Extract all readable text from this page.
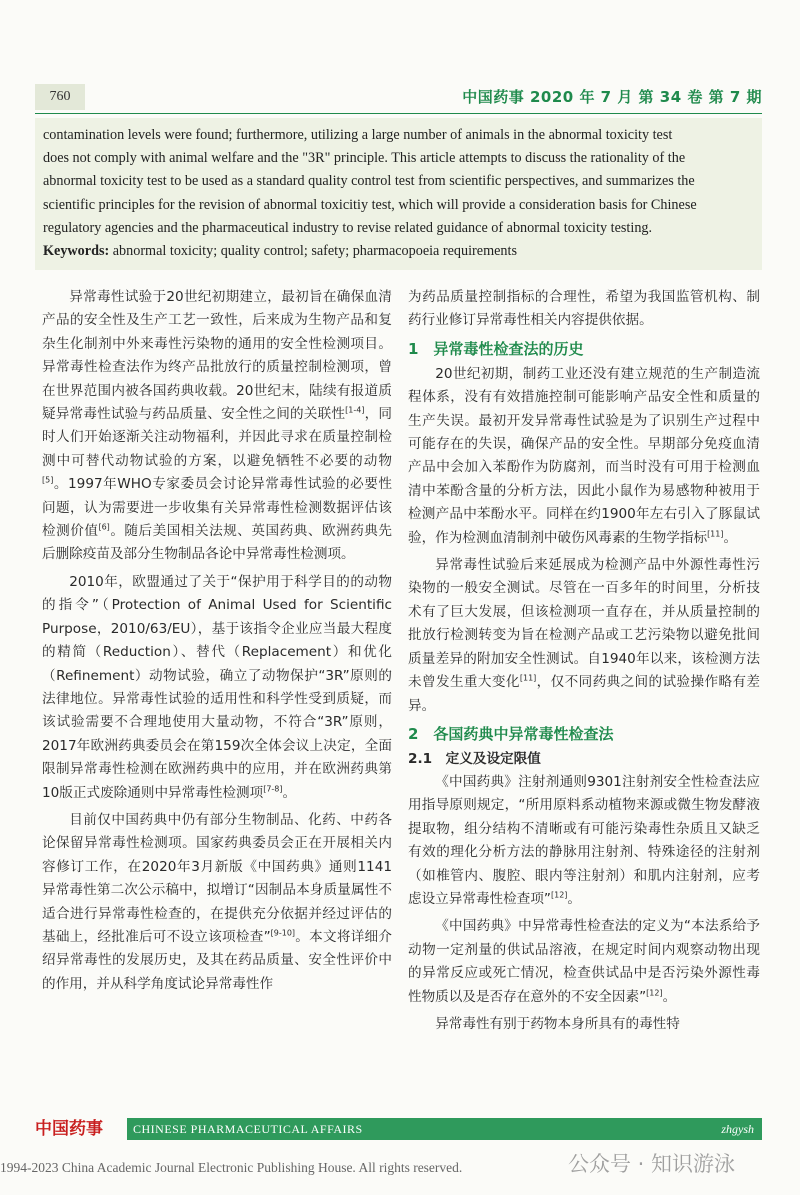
760	中国药事 2020 年 7 月 第 34 卷 第 7 期
contamination levels were found; furthermore, utilizing a large number of animals in the abnormal toxicity test
does not comply with animal welfare and the "3R" principle. This article attempts to discuss the rationality of the
abnormal toxicity test to be used as a standard quality control test from scientific perspectives, and summarizes the
scientific principles for the revision of abnormal toxicitiy test, which will provide a consideration basis for Chinese
regulatory agencies and the pharmaceutical industry to revise related guidance of abnormal toxicity testing.
Keywords: abnormal toxicity; quality control; safety; pharmacopoeia requirements

异常毒性试验于20世纪初期建立，最初旨在确保血清产品的安全性及生产工艺一致性，后来成为生物产品和复杂生化制剂中外来毒性污染物的通用的安全性检测项目。异常毒性检查法作为终产品批放行的质量控制检测项，曾在世界范围内被各国药典收载。20世纪末，陆续有报道质疑异常毒性试验与药品质量、安全性之间的关联性[1-4]，同时人们开始逐渐关注动物福利，并因此寻求在质量控制检测中可替代动物试验的方案，以避免牺牲不必要的动物[5]。1997年WHO专家委员会讨论异常毒性试验的必要性问题，认为需要进一步收集有关异常毒性检测数据评估该检测价值[6]。随后美国相关法规、英国药典、欧洲药典先后删除疫苗及部分生物制品各论中异常毒性检测项。

2010年，欧盟通过了关于“保护用于科学目的的动物的指令”（Protection of Animal Used for Scientific Purpose，2010/63/EU），基于该指令企业应当最大程度的精简（Reduction）、替代（Replacement）和优化（Refinement）动物试验，确立了动物保护“3R”原则的法律地位。异常毒性试验的适用性和科学性受到质疑，而该试验需要不合理地使用大量动物，不符合“3R”原则，2017年欧洲药典委员会在第159次全体会议上决定，全面限制异常毒性检测在欧洲药典中的应用，并在欧洲药典第10版正式废除通则中异常毒性检测项[7-8]。

目前仅中国药典中仍有部分生物制品、化药、中药各论保留异常毒性检测项。国家药典委员会正在开展相关内容修订工作，在2020年3月新版《中国药典》通则1141 异常毒性第二次公示稿中，拟增订“因制品本身质量属性不适合进行异常毒性检查的，在提供充分依据并经过评估的基础上，经批准后可不设立该项检查”[9-10]。本文将详细介绍异常毒性的发展历史，及其在药品质量、安全性评价中的作用，并从科学角度试论异常毒性作

为药品质量控制指标的合理性，希望为我国监管机构、制药行业修订异常毒性相关内容提供依据。

1　异常毒性检查法的历史

20世纪初期，制药工业还没有建立规范的生产制造流程体系，没有有效措施控制可能影响产品安全性和质量的生产失误。最初开发异常毒性试验是为了识别生产过程中可能存在的失误，确保产品的安全性。早期部分免疫血清产品中会加入苯酚作为防腐剂，而当时没有可用于检测血清中苯酚含量的分析方法，因此小鼠作为易感物种被用于检测产品中苯酚水平。同样在约1900年左右引入了豚鼠试验，作为检测血清制剂中破伤风毒素的生物学指标[11]。

异常毒性试验后来延展成为检测产品中外源性毒性污染物的一般安全测试。尽管在一百多年的时间里，分析技术有了巨大发展，但该检测项一直存在，并从质量控制的批放行检测转变为旨在检测产品或工艺污染物以避免批间质量差异的附加安全性测试。自1940年以来，该检测方法未曾发生重大变化[11]，仅不同药典之间的试验操作略有差异。

2　各国药典中异常毒性检查法
2.1　定义及设定限值

《中国药典》注射剂通则9301注射剂安全性检查法应用指导原则规定，“所用原料系动植物来源或微生物发酵液提取物，组分结构不清晰或有可能污染毒性杂质且又缺乏有效的理化分析方法的静脉用注射剂、特殊途径的注射剂（如椎管内、腹腔、眼内等注射剂）和肌内注射剂，应考虑设立异常毒性检查项”[12]。

《中国药典》中异常毒性检查法的定义为“本法系给予动物一定剂量的供试品溶液，在规定时间内观察动物出现的异常反应或死亡情况，检查供试品中是否污染外源性毒性物质以及是否存在意外的不安全因素”[12]。

异常毒性有别于药物本身所具有的毒性特

中国药事	CHINESE PHARMACEUTICAL AFFAIRS	zhgysh
1994-2023 China Academic Journal Electronic Publishing House. All rights reserved.	公众号 · 知识游泳
